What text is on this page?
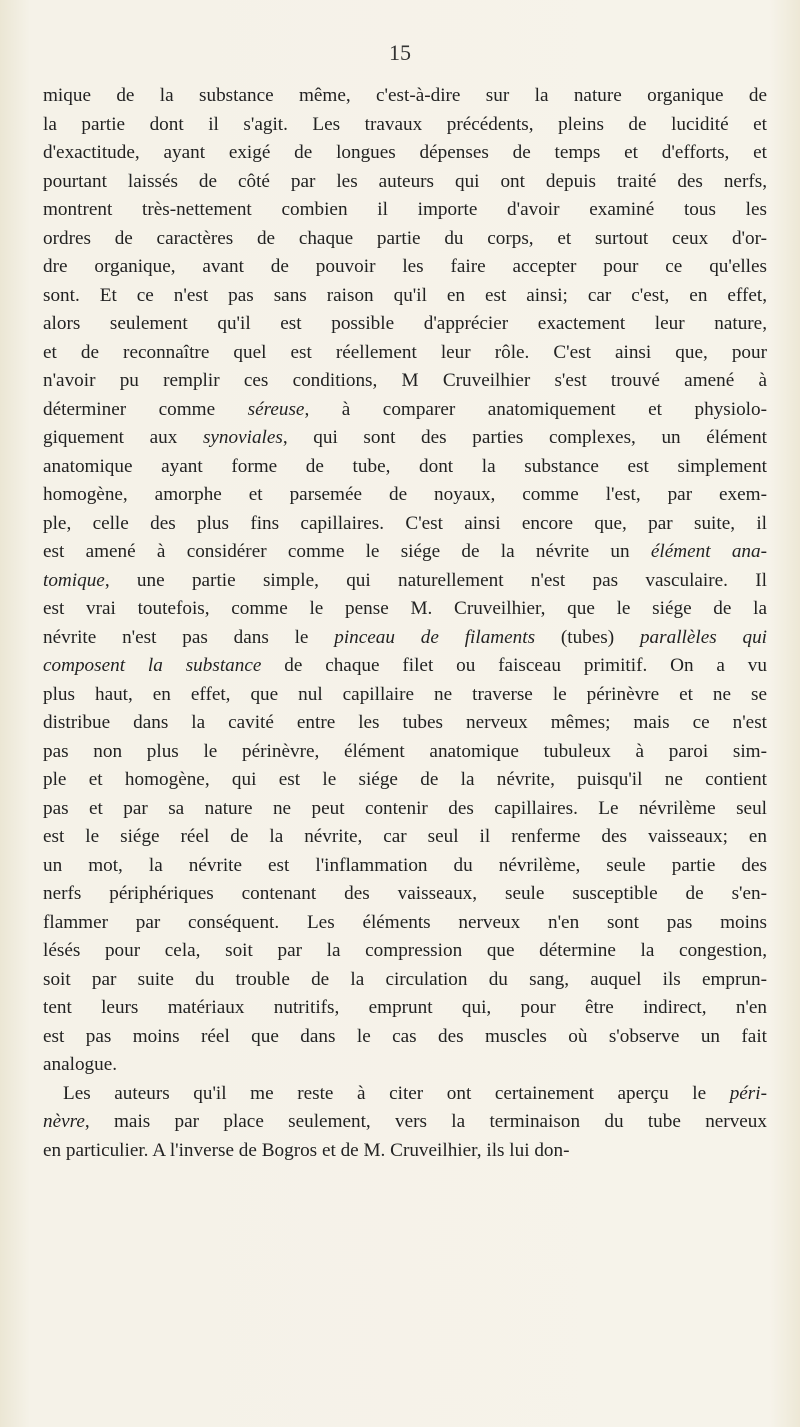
15
mique de la substance même, c'est-à-dire sur la nature organique de
la partie dont il s'agit. Les travaux précédents, pleins de lucidité et
d'exactitude, ayant exigé de longues dépenses de temps et d'efforts, et
pourtant laissés de côté par les auteurs qui ont depuis traité des nerfs,
montrent très-nettement combien il importe d'avoir examiné tous les
ordres de caractères de chaque partie du corps, et surtout ceux d'or-
dre organique, avant de pouvoir les faire accepter pour ce qu'elles
sont. Et ce n'est pas sans raison qu'il en est ainsi; car c'est, en effet,
alors seulement qu'il est possible d'apprécier exactement leur nature,
et de reconnaître quel est réellement leur rôle. C'est ainsi que, pour
n'avoir pu remplir ces conditions, M Cruveilhier s'est trouvé amené à
déterminer comme séreuse, à comparer anatomiquement et physiolo-
giquement aux synoviales, qui sont des parties complexes, un élément
anatomique ayant forme de tube, dont la substance est simplement
homogène, amorphe et parsemée de noyaux, comme l'est, par exem-
ple, celle des plus fins capillaires. C'est ainsi encore que, par suite, il
est amené à considérer comme le siége de la névrite un élément ana-
tomique, une partie simple, qui naturellement n'est pas vasculaire. Il
est vrai toutefois, comme le pense M. Cruveilhier, que le siége de la
névrite n'est pas dans le pinceau de filaments (tubes) parallèles qui
composent la substance de chaque filet ou faisceau primitif. On a vu
plus haut, en effet, que nul capillaire ne traverse le périnèvre et ne se
distribue dans la cavité entre les tubes nerveux mêmes; mais ce n'est
pas non plus le périnèvre, élément anatomique tubuleux à paroi sim-
ple et homogène, qui est le siége de la névrite, puisqu'il ne contient
pas et par sa nature ne peut contenir des capillaires. Le névrilème seul
est le siége réel de la névrite, car seul il renferme des vaisseaux; en
un mot, la névrite est l'inflammation du névrilème, seule partie des
nerfs périphériques contenant des vaisseaux, seule susceptible de s'en-
flammer par conséquent. Les éléments nerveux n'en sont pas moins
lésés pour cela, soit par la compression que détermine la congestion,
soit par suite du trouble de la circulation du sang, auquel ils emprun-
tent leurs matériaux nutritifs, emprunt qui, pour être indirect, n'en
est pas moins réel que dans le cas des muscles où s'observe un fait
analogue.
Les auteurs qu'il me reste à citer ont certainement aperçu le péri-
nèvre, mais par place seulement, vers la terminaison du tube nerveux
en particulier. A l'inverse de Bogros et de M. Cruveilhier, ils lui don-
